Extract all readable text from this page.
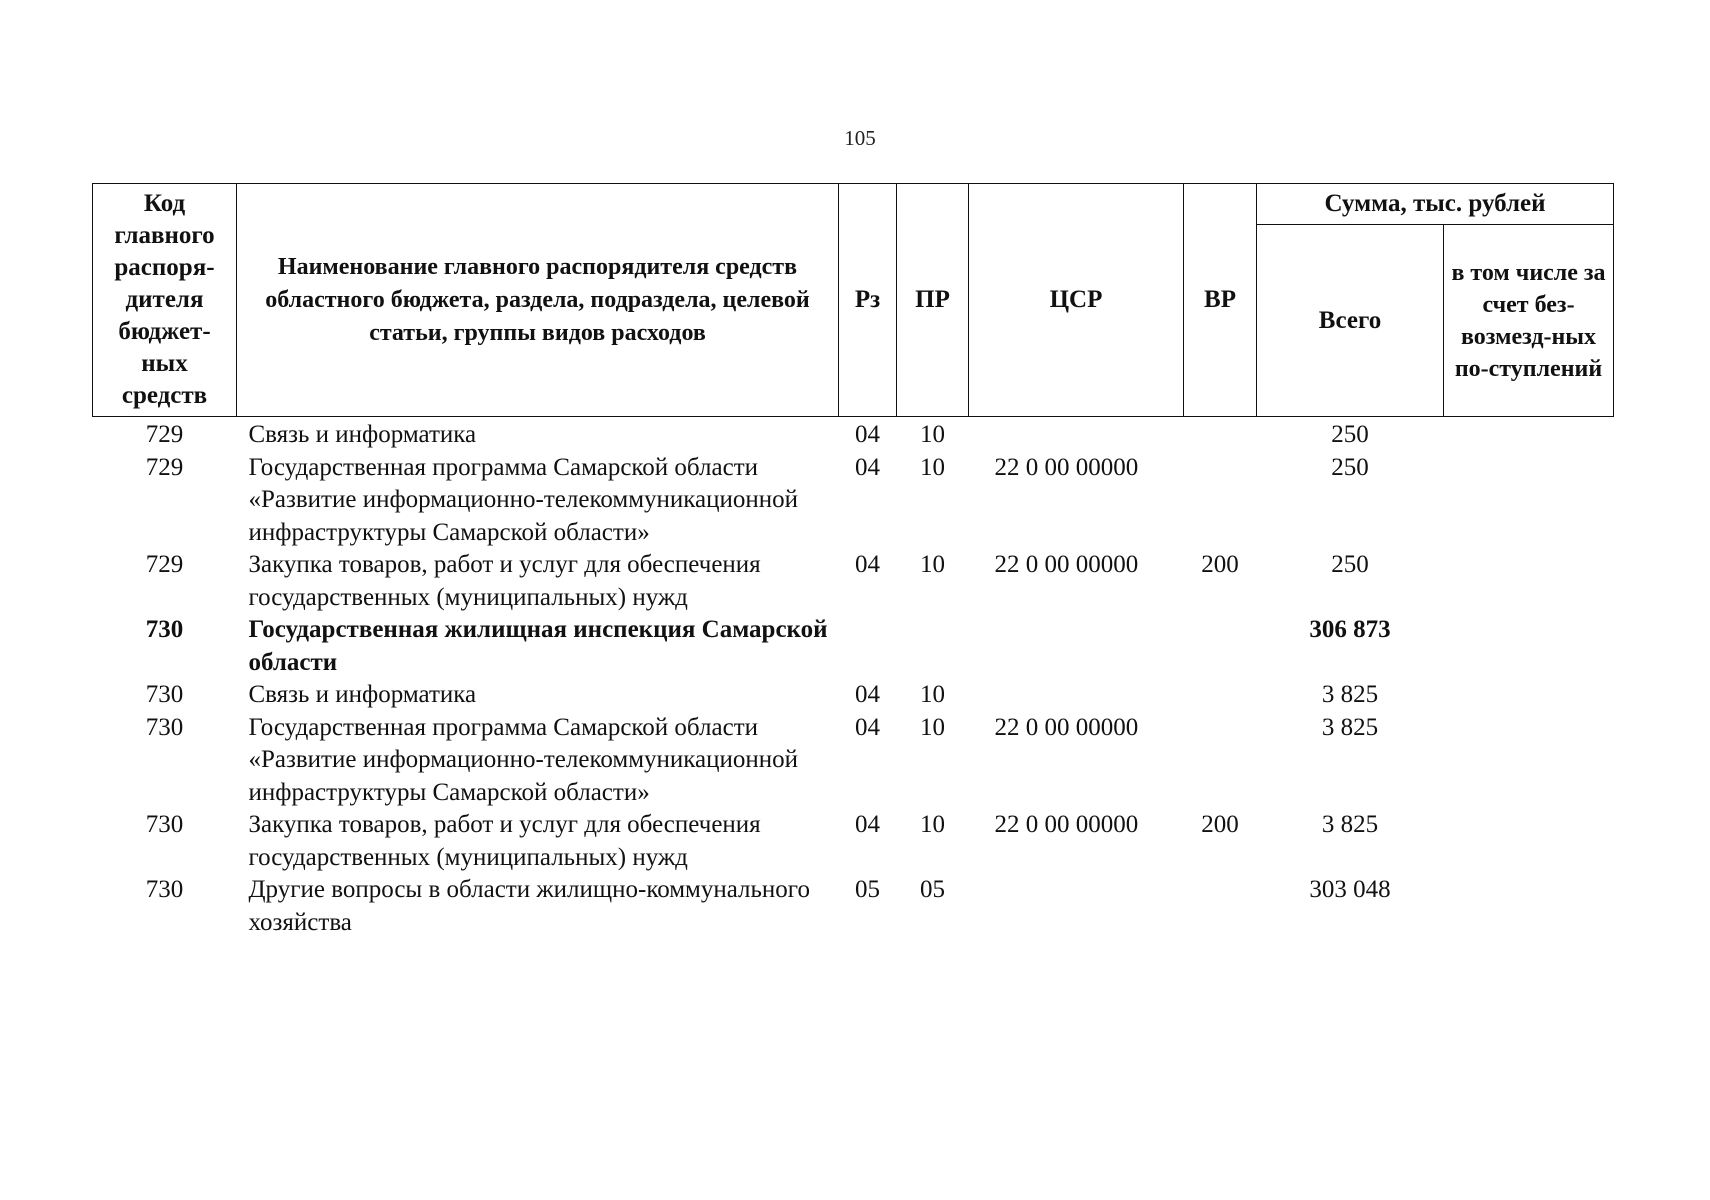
105
Код главного распоря-дителя бюджет-ных средств	Наименование главного распорядителя средств областного бюджета, раздела, подраздела, целевой статьи, группы видов расходов	Рз	ПР	ЦСР	ВР	Сумма, тыс. рублей	
						Всего	в том числе за счет без-возмезд-ных по-ступлений
729	Связь и информатика	04	10			250	
729	Государственная программа Самарской области «Развитие информационно-телекоммуникационной инфраструктуры Самарской области»	04	10	22 0 00 00000		250	
729	Закупка товаров, работ и услуг для обеспечения государственных (муниципальных) нужд	04	10	22 0 00 00000	200	250	
730	Государственная жилищная инспекция Самарской области					306 873	
730	Связь и информатика	04	10			3 825	
730	Государственная программа Самарской области «Развитие информационно-телекоммуникационной инфраструктуры Самарской области»	04	10	22 0 00 00000		3 825	
730	Закупка товаров, работ и услуг для обеспечения государственных (муниципальных) нужд	04	10	22 0 00 00000	200	3 825	
730	Другие вопросы в области жилищно-коммунального хозяйства	05	05			303 048	
